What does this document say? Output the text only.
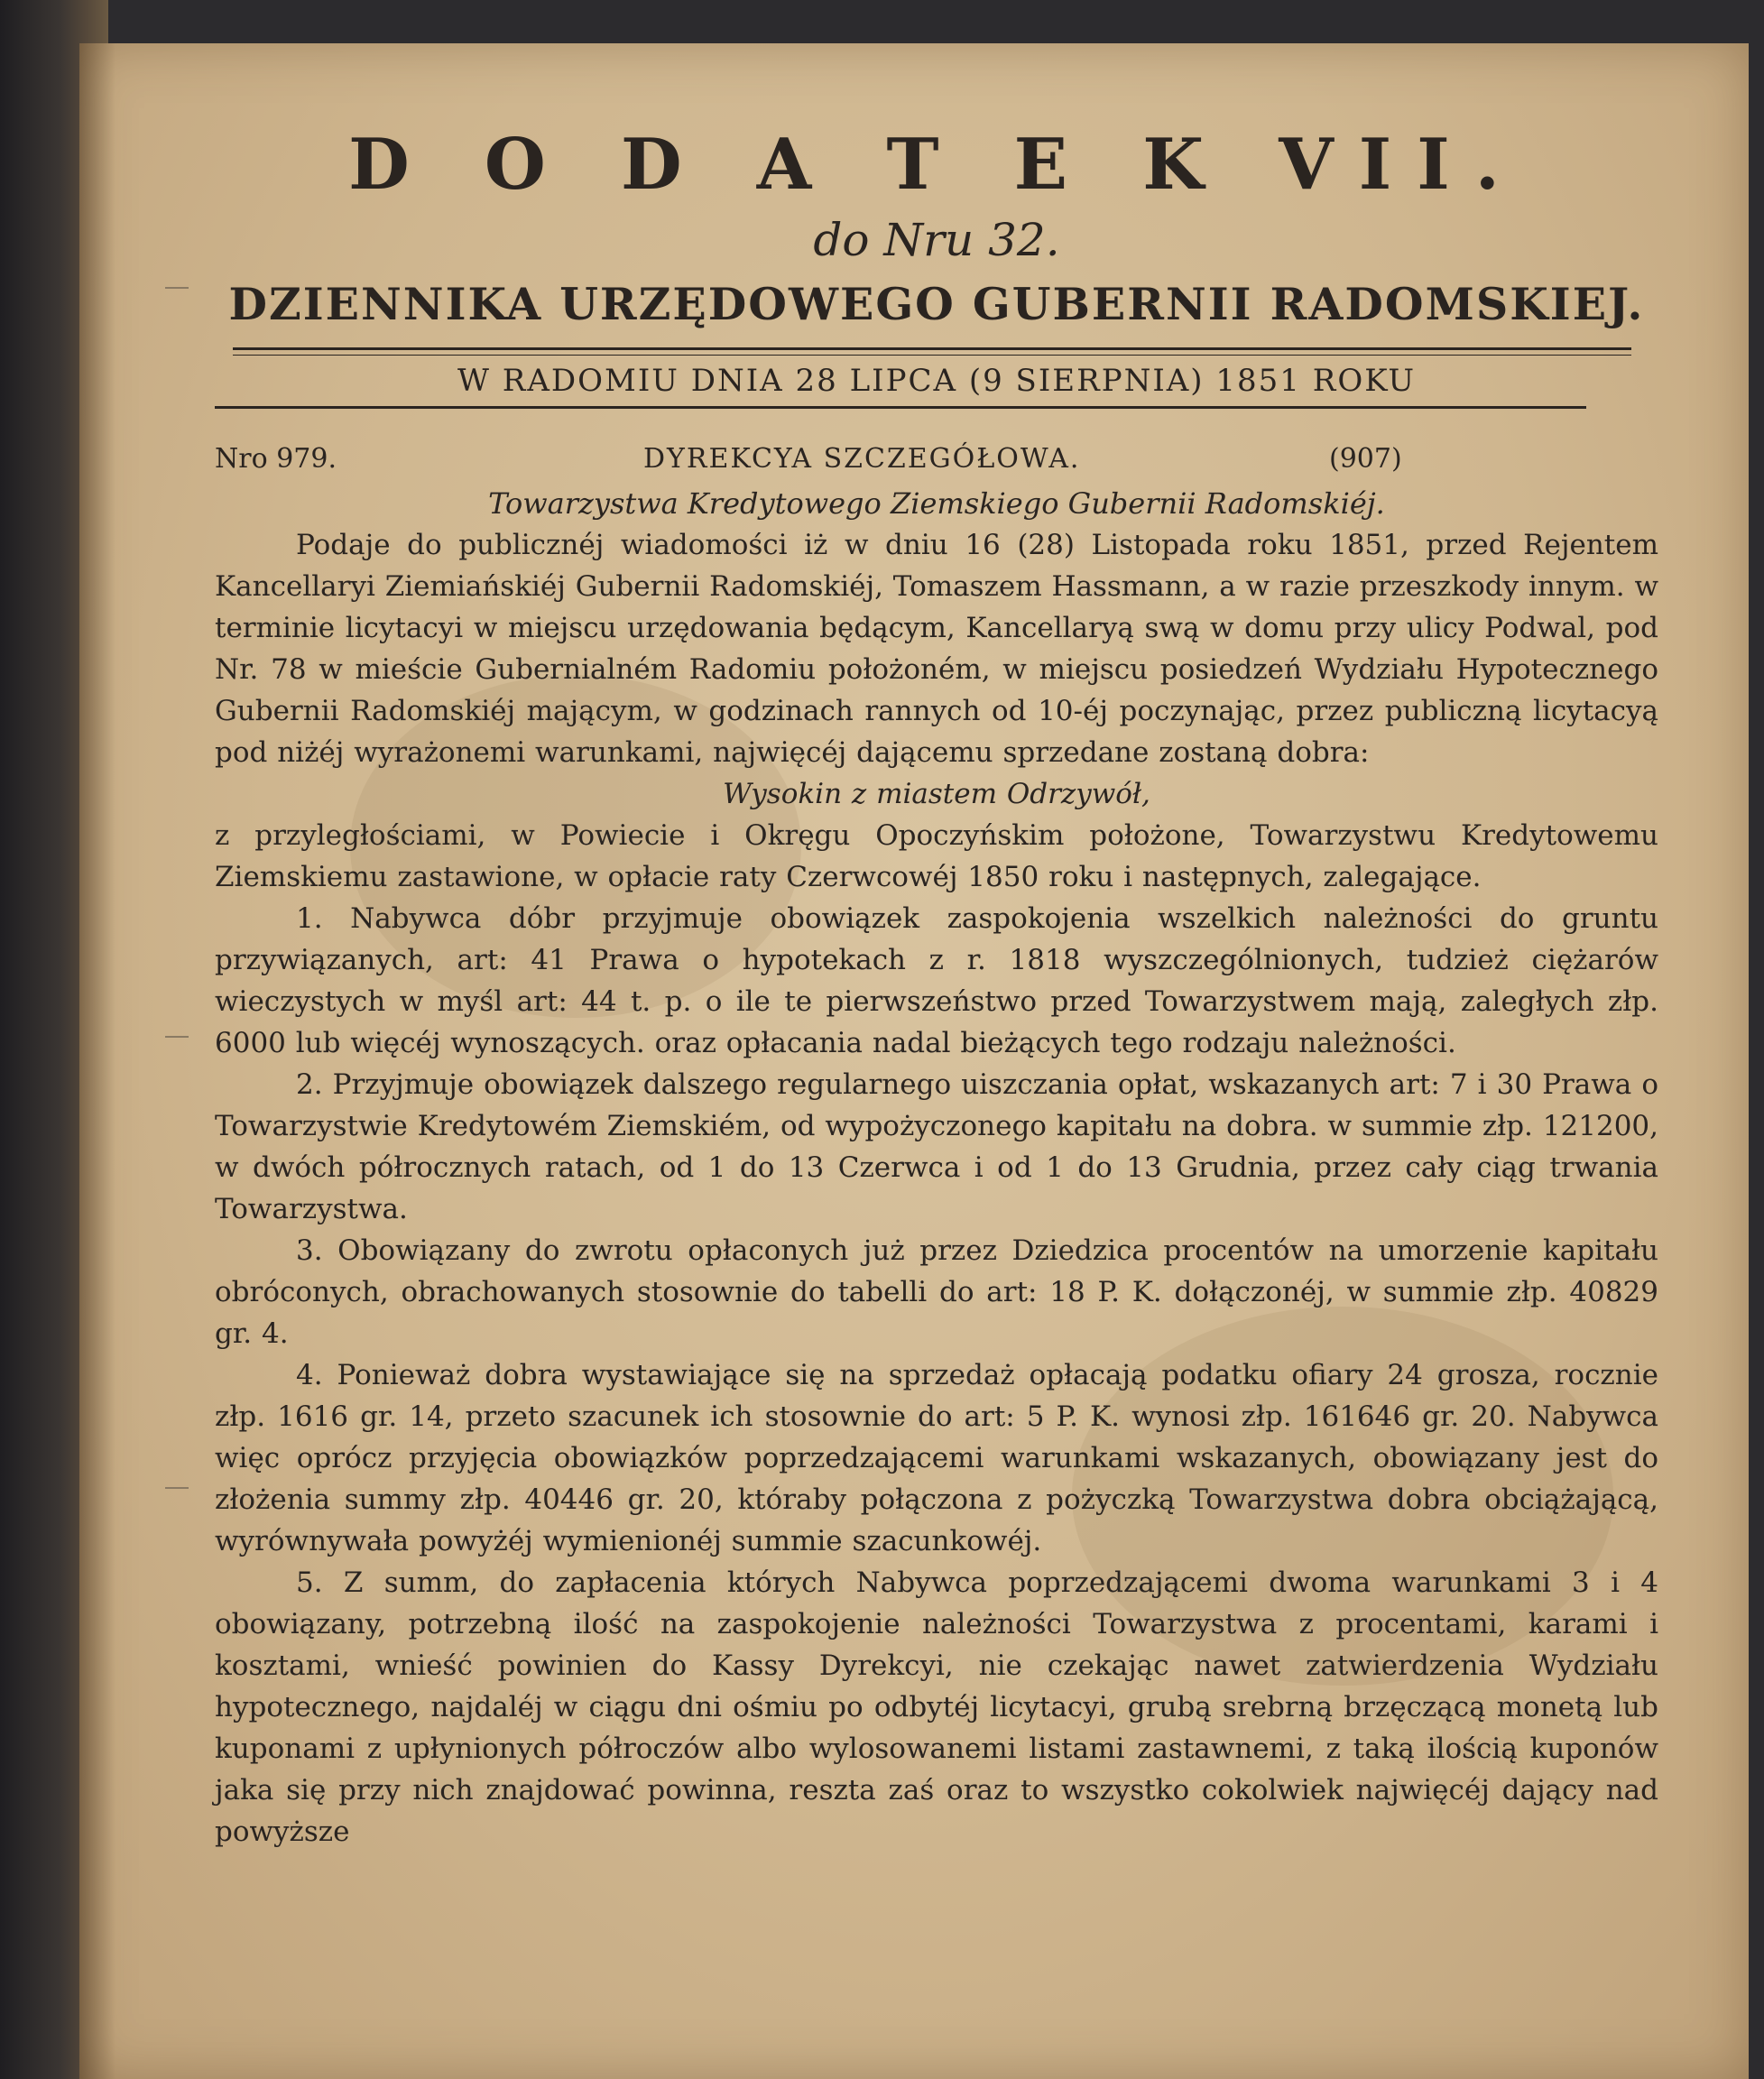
D O D A T E K VII.

do Nru 32.

DZIENNIKA URZĘDOWEGO GUBERNII RADOMSKIEJ.

W RADOMIU DNIA 28 LIPCA (9 SIERPNIA) 1851 ROKU

Nro 979.	DYREKCYA SZCZEGÓŁOWA.	(907)

Towarzystwa Kredytowego Ziemskiego Gubernii Radomskiéj.

Podaje do publicznéj wiadomości iż w dniu 16 (28) Listopada roku 1851, przed Rejentem Kancellaryi Ziemiańskiéj Gubernii Radomskiéj, Tomaszem Hassmann, a w razie przeszkody innym. w terminie licytacyi w miejscu urzędowania będącym, Kancellaryą swą w domu przy ulicy Podwal, pod Nr. 78 w mieście Gubernialném Radomiu położoném, w miejscu posiedzeń Wydziału Hypotecznego Gubernii Radomskiéj mającym, w godzinach rannych od 10-éj poczynając, przez publiczną licytacyą pod niżéj wyrażonemi warunkami, najwięcéj dającemu sprzedane zostaną dobra:

Wysokin z miastem Odrzywół,

z przyległościami, w Powiecie i Okręgu Opoczyńskim położone, Towarzystwu Kredytowemu Ziemskiemu zastawione, w opłacie raty Czerwcowéj 1850 roku i następnych, zalegające.

1. Nabywca dóbr przyjmuje obowiązek zaspokojenia wszelkich należności do gruntu przywiązanych, art: 41 Prawa o hypotekach z r. 1818 wyszczególnionych, tudzież ciężarów wieczystych w myśl art: 44 t. p. o ile te pierwszeństwo przed Towarzystwem mają, zaległych złp. 6000 lub więcéj wynoszących. oraz opłacania nadal bieżących tego rodzaju należności.

2. Przyjmuje obowiązek dalszego regularnego uiszczania opłat, wskazanych art: 7 i 30 Prawa o Towarzystwie Kredytowém Ziemskiém, od wypożyczonego kapitału na dobra. w summie złp. 121200, w dwóch półrocznych ratach, od 1 do 13 Czerwca i od 1 do 13 Grudnia, przez cały ciąg trwania Towarzystwa.

3. Obowiązany do zwrotu opłaconych już przez Dziedzica procentów na umorzenie kapitału obróconych, obrachowanych stosownie do tabelli do art: 18 P. K. dołączonéj, w summie złp. 40829 gr. 4.

4. Ponieważ dobra wystawiające się na sprzedaż opłacają podatku ofiary 24 grosza, rocznie złp. 1616 gr. 14, przeto szacunek ich stosownie do art: 5 P. K. wynosi złp. 161646 gr. 20. Nabywca więc oprócz przyjęcia obowiązków poprzedzającemi warunkami wskazanych, obowiązany jest do złożenia summy złp. 40446 gr. 20, któraby połączona z pożyczką Towarzystwa dobra obciążającą, wyrównywała powyżéj wymienionéj summie szacunkowéj.

5. Z summ, do zapłacenia których Nabywca poprzedzającemi dwoma warunkami 3 i 4 obowiązany, potrzebną ilość na zaspokojenie należności Towarzystwa z procentami, karami i kosztami, wnieść powinien do Kassy Dyrekcyi, nie czekając nawet zatwierdzenia Wydziału hypotecznego, najdaléj w ciągu dni ośmiu po odbytéj licytacyi, grubą srebrną brzęczącą monetą lub kuponami z upłynionych półroczów albo wylosowanemi listami zastawnemi, z taką ilością kuponów jaka się przy nich znajdować powinna, reszta zaś oraz to wszystko cokolwiek najwięcéj dający nad powyższe
